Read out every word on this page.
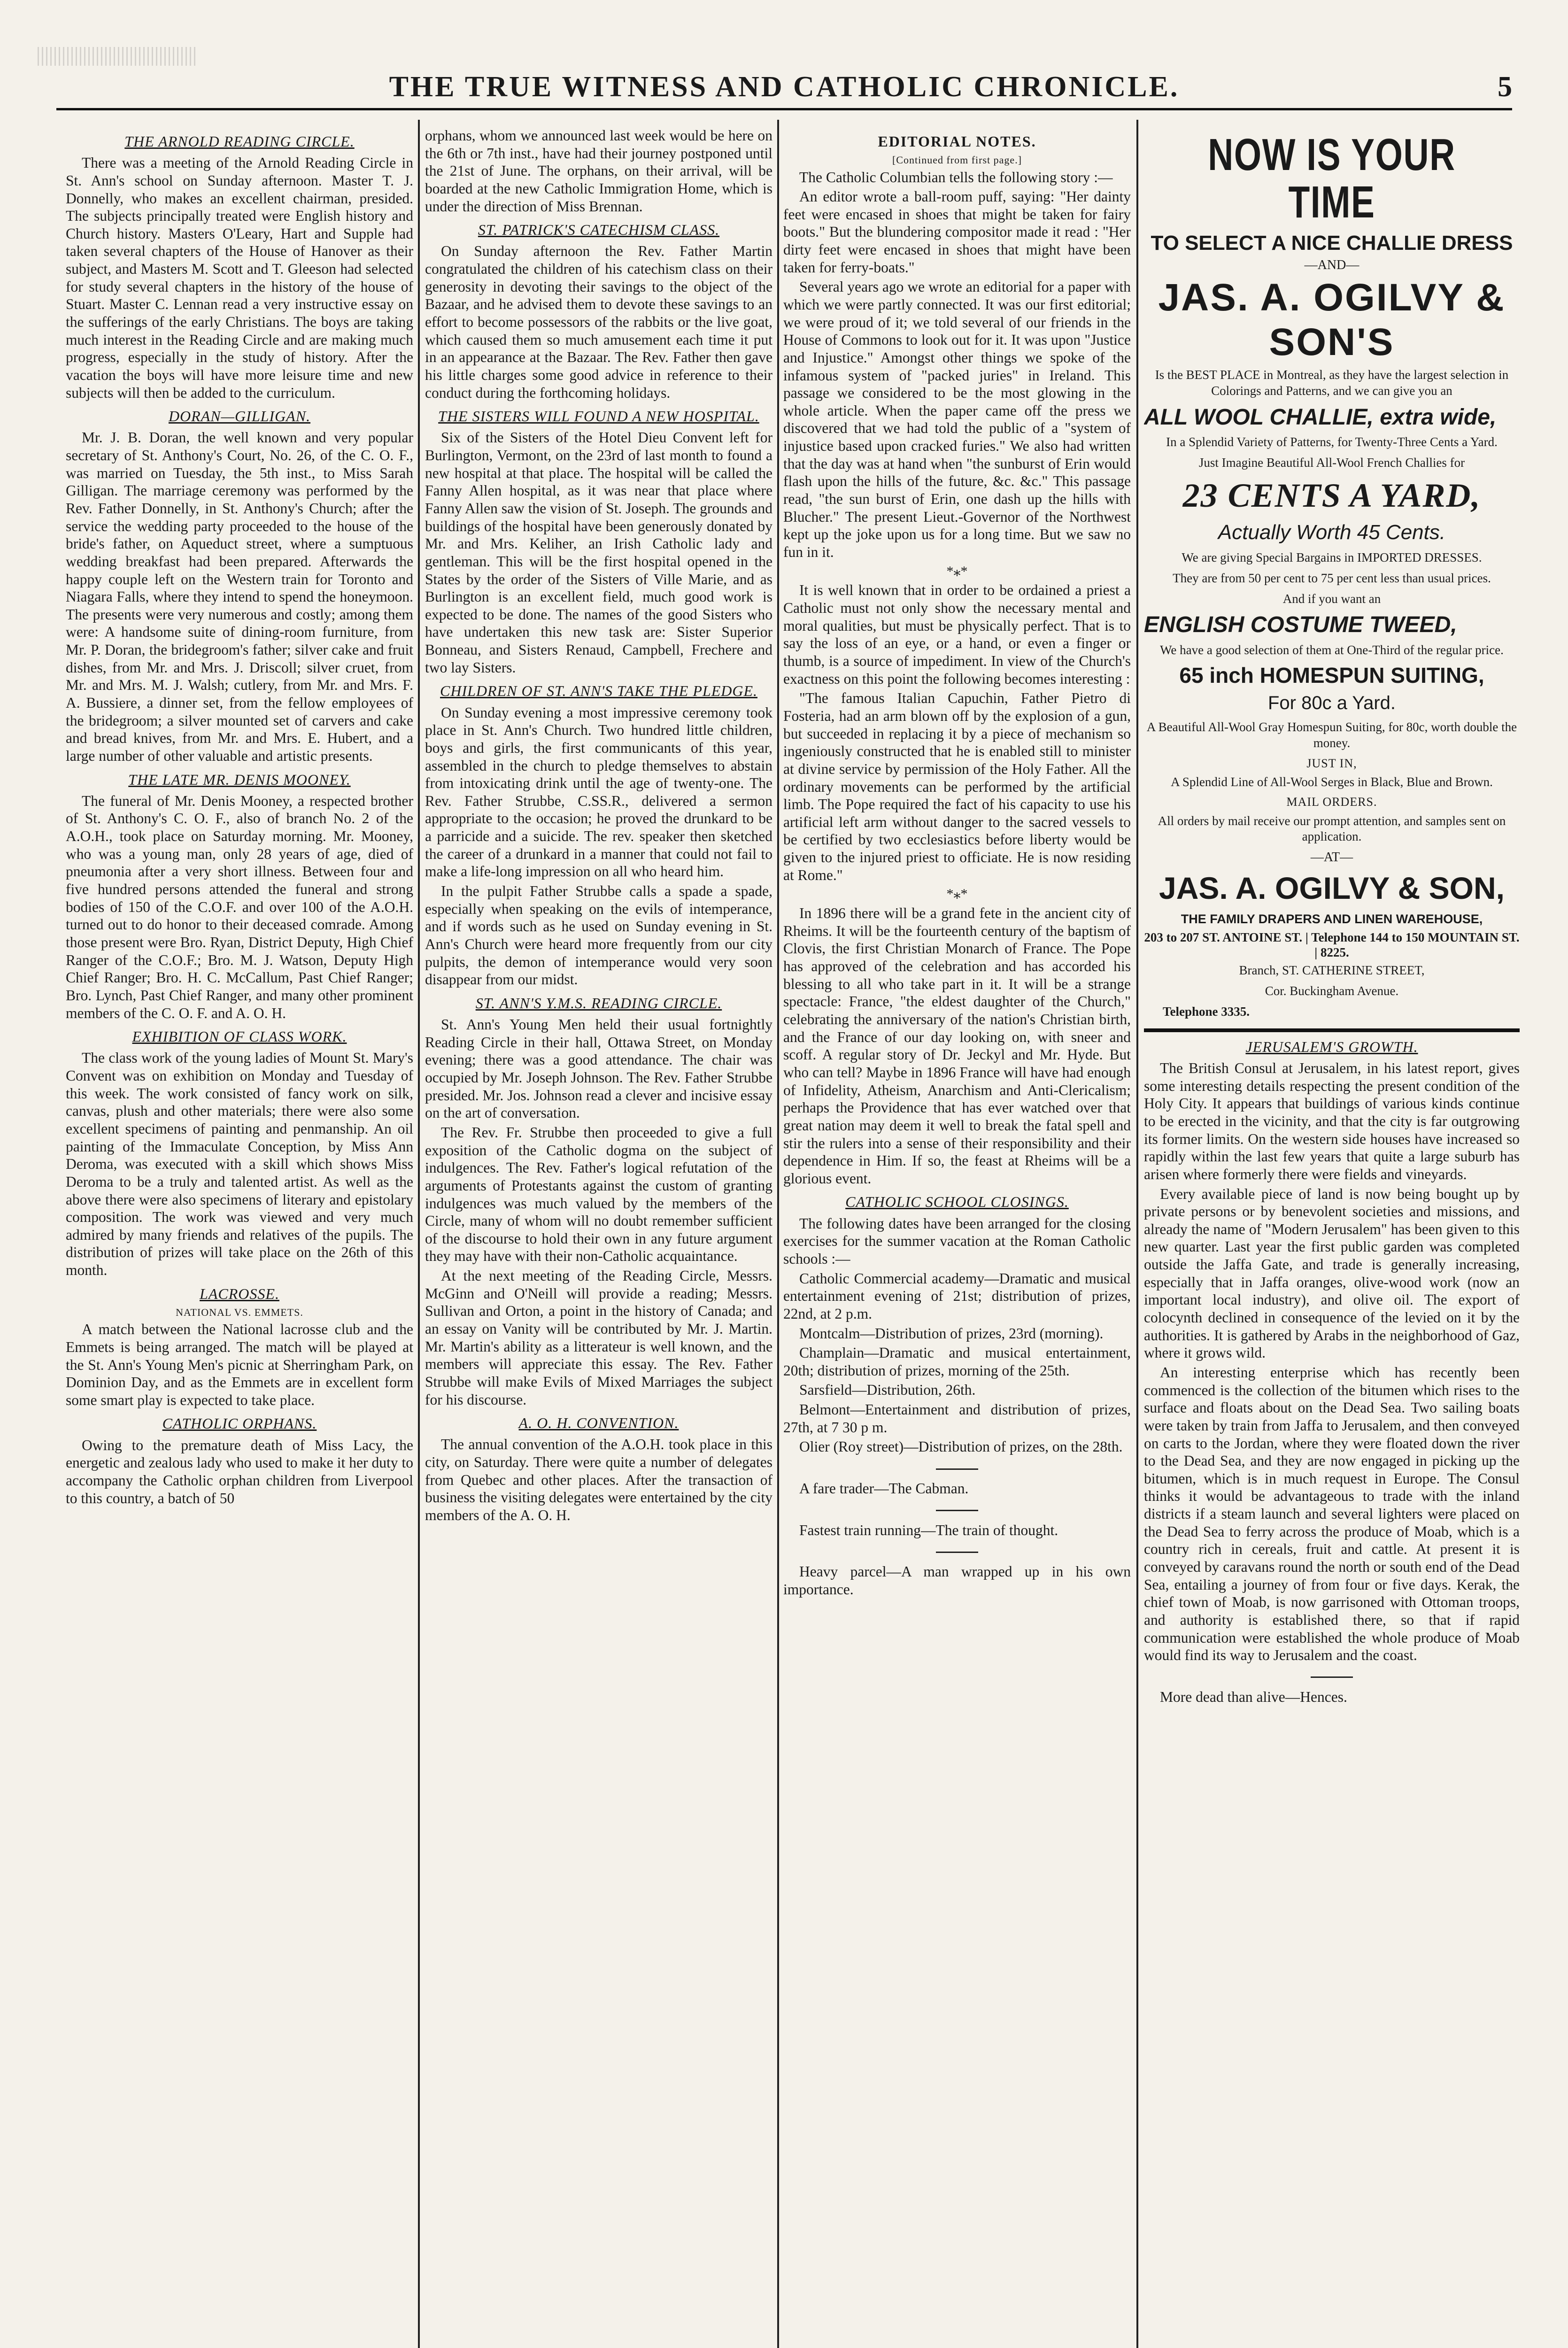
THE TRUE WITNESS AND CATHOLIC CHRONICLE.	5
THE ARNOLD READING CIRCLE.

There was a meeting of the Arnold Reading Circle in St. Ann's school on Sunday afternoon. Master T. J. Donnelly, who makes an excellent chairman, presided. The subjects principally treated were English history and Church history. Masters O'Leary, Hart and Supple had taken several chapters of the House of Hanover as their subject, and Masters M. Scott and T. Gleeson had selected for study several chapters in the history of the house of Stuart. Master C. Lennan read a very instructive essay on the sufferings of the early Christians. The boys are taking much interest in the Reading Circle and are making much progress, especially in the study of history. After the vacation the boys will have more leisure time and new subjects will then be added to the curriculum.

DORAN—GILLIGAN.

Mr. J. B. Doran, the well known and very popular secretary of St. Anthony's Court, No. 26, of the C. O. F., was married on Tuesday, the 5th inst., to Miss Sarah Gilligan. The marriage ceremony was performed by the Rev. Father Donnelly, in St. Anthony's Church; after the service the wedding party proceeded to the house of the bride's father, on Aqueduct street, where a sumptuous wedding breakfast had been prepared. Afterwards the happy couple left on the Western train for Toronto and Niagara Falls, where they intend to spend the honeymoon. The presents were very numerous and costly; among them were: A handsome suite of dining-room furniture, from Mr. P. Doran, the bridegroom's father; silver cake and fruit dishes, from Mr. and Mrs. J. Driscoll; silver cruet, from Mr. and Mrs. M. J. Walsh; cutlery, from Mr. and Mrs. F. A. Bussiere, a dinner set, from the fellow employees of the bridegroom; a silver mounted set of carvers and cake and bread knives, from Mr. and Mrs. E. Hubert, and a large number of other valuable and artistic presents.

THE LATE MR. DENIS MOONEY.

The funeral of Mr. Denis Mooney, a respected brother of St. Anthony's C. O. F., also of branch No. 2 of the A.O.H., took place on Saturday morning. Mr. Mooney, who was a young man, only 28 years of age, died of pneumonia after a very short illness. Between four and five hundred persons attended the funeral and strong bodies of 150 of the C.O.F. and over 100 of the A.O.H. turned out to do honor to their deceased comrade. Among those present were Bro. Ryan, District Deputy, High Chief Ranger of the C.O.F.; Bro. M. J. Watson, Deputy High Chief Ranger; Bro. H. C. McCallum, Past Chief Ranger; Bro. Lynch, Past Chief Ranger, and many other prominent members of the C. O. F. and A. O. H.

EXHIBITION OF CLASS WORK.

The class work of the young ladies of Mount St. Mary's Convent was on exhibition on Monday and Tuesday of this week. The work consisted of fancy work on silk, canvas, plush and other materials; there were also some excellent specimens of painting and penmanship. An oil painting of the Immaculate Conception, by Miss Ann Deroma, was executed with a skill which shows Miss Deroma to be a truly and talented artist. As well as the above there were also specimens of literary and epistolary composition. The work was viewed and very much admired by many friends and relatives of the pupils. The distribution of prizes will take place on the 26th of this month.

LACROSSE.

NATIONAL VS. EMMETS.

A match between the National lacrosse club and the Emmets is being arranged. The match will be played at the St. Ann's Young Men's picnic at Sherringham Park, on Dominion Day, and as the Emmets are in excellent form some smart play is expected to take place.

CATHOLIC ORPHANS.

Owing to the premature death of Miss Lacy, the energetic and zealous lady who used to make it her duty to accompany the Catholic orphan children from Liverpool to this country, a batch of 50

orphans, whom we announced last week would be here on the 6th or 7th inst., have had their journey postponed until the 21st of June. The orphans, on their arrival, will be boarded at the new Catholic Immigration Home, which is under the direction of Miss Brennan.

ST. PATRICK'S CATECHISM CLASS.

On Sunday afternoon the Rev. Father Martin congratulated the children of his catechism class on their generosity in devoting their savings to the object of the Bazaar, and he advised them to devote these savings to an effort to become possessors of the rabbits or the live goat, which caused them so much amusement each time it put in an appearance at the Bazaar. The Rev. Father then gave his little charges some good advice in reference to their conduct during the forthcoming holidays.

THE SISTERS WILL FOUND A NEW HOSPITAL.

Six of the Sisters of the Hotel Dieu Convent left for Burlington, Vermont, on the 23rd of last month to found a new hospital at that place. The hospital will be called the Fanny Allen hospital, as it was near that place where Fanny Allen saw the vision of St. Joseph. The grounds and buildings of the hospital have been generously donated by Mr. and Mrs. Keliher, an Irish Catholic lady and gentleman. This will be the first hospital opened in the States by the order of the Sisters of Ville Marie, and as Burlington is an excellent field, much good work is expected to be done. The names of the good Sisters who have undertaken this new task are: Sister Superior Bonneau, and Sisters Renaud, Campbell, Frechere and two lay Sisters.

CHILDREN OF ST. ANN'S TAKE THE PLEDGE.

On Sunday evening a most impressive ceremony took place in St. Ann's Church. Two hundred little children, boys and girls, the first communicants of this year, assembled in the church to pledge themselves to abstain from intoxicating drink until the age of twenty-one. The Rev. Father Strubbe, C.SS.R., delivered a sermon appropriate to the occasion; he proved the drunkard to be a parricide and a suicide. The rev. speaker then sketched the career of a drunkard in a manner that could not fail to make a life-long impression on all who heard him.

In the pulpit Father Strubbe calls a spade a spade, especially when speaking on the evils of intemperance, and if words such as he used on Sunday evening in St. Ann's Church were heard more frequently from our city pulpits, the demon of intemperance would very soon disappear from our midst.

ST. ANN'S Y.M.S. READING CIRCLE.

St. Ann's Young Men held their usual fortnightly Reading Circle in their hall, Ottawa Street, on Monday evening; there was a good attendance. The chair was occupied by Mr. Joseph Johnson. The Rev. Father Strubbe presided. Mr. Jos. Johnson read a clever and incisive essay on the art of conversation.

The Rev. Fr. Strubbe then proceeded to give a full exposition of the Catholic dogma on the subject of indulgences. The Rev. Father's logical refutation of the arguments of Protestants against the custom of granting indulgences was much valued by the members of the Circle, many of whom will no doubt remember sufficient of the discourse to hold their own in any future argument they may have with their non-Catholic acquaintance.

At the next meeting of the Reading Circle, Messrs. McGinn and O'Neill will provide a reading; Messrs. Sullivan and Orton, a point in the history of Canada; and an essay on Vanity will be contributed by Mr. J. Martin. Mr. Martin's ability as a litterateur is well known, and the members will appreciate this essay. The Rev. Father Strubbe will make Evils of Mixed Marriages the subject for his discourse.

A. O. H. CONVENTION.

The annual convention of the A.O.H. took place in this city, on Saturday. There were quite a number of delegates from Quebec and other places. After the transaction of business the visiting delegates were entertained by the city members of the A. O. H.

EDITORIAL NOTES.

[Continued from first page.]

The Catholic Columbian tells the following story :—

An editor wrote a ball-room puff, saying: "Her dainty feet were encased in shoes that might be taken for fairy boots." But the blundering compositor made it read : "Her dirty feet were encased in shoes that might have been taken for ferry-boats."

Several years ago we wrote an editorial for a paper with which we were partly connected. It was our first editorial; we were proud of it; we told several of our friends in the House of Commons to look out for it. It was upon "Justice and Injustice." Amongst other things we spoke of the infamous system of "packed juries" in Ireland. This passage we considered to be the most glowing in the whole article. When the paper came off the press we discovered that we had told the public of a "system of injustice based upon cracked furies." We also had written that the day was at hand when "the sunburst of Erin would flash upon the hills of the future, &c. &c." This passage read, "the sun burst of Erin, one dash up the hills with Blucher." The present Lieut.-Governor of the Northwest kept up the joke upon us for a long time. But we saw no fun in it.

*⁎*

It is well known that in order to be ordained a priest a Catholic must not only show the necessary mental and moral qualities, but must be physically perfect. That is to say the loss of an eye, or a hand, or even a finger or thumb, is a source of impediment. In view of the Church's exactness on this point the following becomes interesting :

"The famous Italian Capuchin, Father Pietro di Fosteria, had an arm blown off by the explosion of a gun, but succeeded in replacing it by a piece of mechanism so ingeniously constructed that he is enabled still to minister at divine service by permission of the Holy Father. All the ordinary movements can be performed by the artificial limb. The Pope required the fact of his capacity to use his artificial left arm without danger to the sacred vessels to be certified by two ecclesiastics before liberty would be given to the injured priest to officiate. He is now residing at Rome."

*⁎*

In 1896 there will be a grand fete in the ancient city of Rheims. It will be the fourteenth century of the baptism of Clovis, the first Christian Monarch of France. The Pope has approved of the celebration and has accorded his blessing to all who take part in it. It will be a strange spectacle: France, "the eldest daughter of the Church," celebrating the anniversary of the nation's Christian birth, and the France of our day looking on, with sneer and scoff. A regular story of Dr. Jeckyl and Mr. Hyde. But who can tell? Maybe in 1896 France will have had enough of Infidelity, Atheism, Anarchism and Anti-Clericalism; perhaps the Providence that has ever watched over that great nation may deem it well to break the fatal spell and stir the rulers into a sense of their responsibility and their dependence in Him. If so, the feast at Rheims will be a glorious event.

CATHOLIC SCHOOL CLOSINGS.

The following dates have been arranged for the closing exercises for the summer vacation at the Roman Catholic schools :—

Catholic Commercial academy—Dramatic and musical entertainment evening of 21st; distribution of prizes, 22nd, at 2 p.m.

Montcalm—Distribution of prizes, 23rd (morning).

Champlain—Dramatic and musical entertainment, 20th; distribution of prizes, morning of the 25th.

Sarsfield—Distribution, 26th.

Belmont—Entertainment and distribution of prizes, 27th, at 7 30 p m.

Olier (Roy street)—Distribution of prizes, on the 28th.

A fare trader—The Cabman.

Fastest train running—The train of thought.

Heavy parcel—A man wrapped up in his own importance.

NOW IS YOUR TIME
TO SELECT A NICE CHALLIE DRESS
—AND—
JAS. A. OGILVY & SON'S
Is the BEST PLACE in Montreal, as they have the largest selection in Colorings and Patterns, and we can give you an
ALL WOOL CHALLIE, extra wide,
In a Splendid Variety of Patterns, for Twenty-Three Cents a Yard.
Just Imagine Beautiful All-Wool French Challies for
23 CENTS A YARD,
Actually Worth 45 Cents.
We are giving Special Bargains in IMPORTED DRESSES.
They are from 50 per cent to 75 per cent less than usual prices.
And if you want an
ENGLISH COSTUME TWEED,
We have a good selection of them at One-Third of the regular price.
65 inch HOMESPUN SUITING,
For 80c a Yard.
A Beautiful All-Wool Gray Homespun Suiting, for 80c, worth double the money.
JUST IN,
A Splendid Line of All-Wool Serges in Black, Blue and Brown.
MAIL ORDERS.
All orders by mail receive our prompt attention, and samples sent on application.
—AT—
JAS. A. OGILVY & SON,
THE FAMILY DRAPERS AND LINEN WAREHOUSE,
203 to 207 ST. ANTOINE ST. | Telephone 144 to 150 MOUNTAIN ST. | 8225.
Branch, ST. CATHERINE STREET,
Cor. Buckingham Avenue.
Telephone 3335.
JERUSALEM'S GROWTH.

The British Consul at Jerusalem, in his latest report, gives some interesting details respecting the present condition of the Holy City. It appears that buildings of various kinds continue to be erected in the vicinity, and that the city is far outgrowing its former limits. On the western side houses have increased so rapidly within the last few years that quite a large suburb has arisen where formerly there were fields and vineyards.

Every available piece of land is now being bought up by private persons or by benevolent societies and missions, and already the name of "Modern Jerusalem" has been given to this new quarter. Last year the first public garden was completed outside the Jaffa Gate, and trade is generally increasing, especially that in Jaffa oranges, olive-wood work (now an important local industry), and olive oil. The export of colocynth declined in consequence of the levied on it by the authorities. It is gathered by Arabs in the neighborhood of Gaz, where it grows wild.

An interesting enterprise which has recently been commenced is the collection of the bitumen which rises to the surface and floats about on the Dead Sea. Two sailing boats were taken by train from Jaffa to Jerusalem, and then conveyed on carts to the Jordan, where they were floated down the river to the Dead Sea, and they are now engaged in picking up the bitumen, which is in much request in Europe. The Consul thinks it would be advantageous to trade with the inland districts if a steam launch and several lighters were placed on the Dead Sea to ferry across the produce of Moab, which is a country rich in cereals, fruit and cattle. At present it is conveyed by caravans round the north or south end of the Dead Sea, entailing a journey of from four or five days. Kerak, the chief town of Moab, is now garrisoned with Ottoman troops, and authority is established there, so that if rapid communication were established the whole produce of Moab would find its way to Jerusalem and the coast.

More dead than alive—Hences.
